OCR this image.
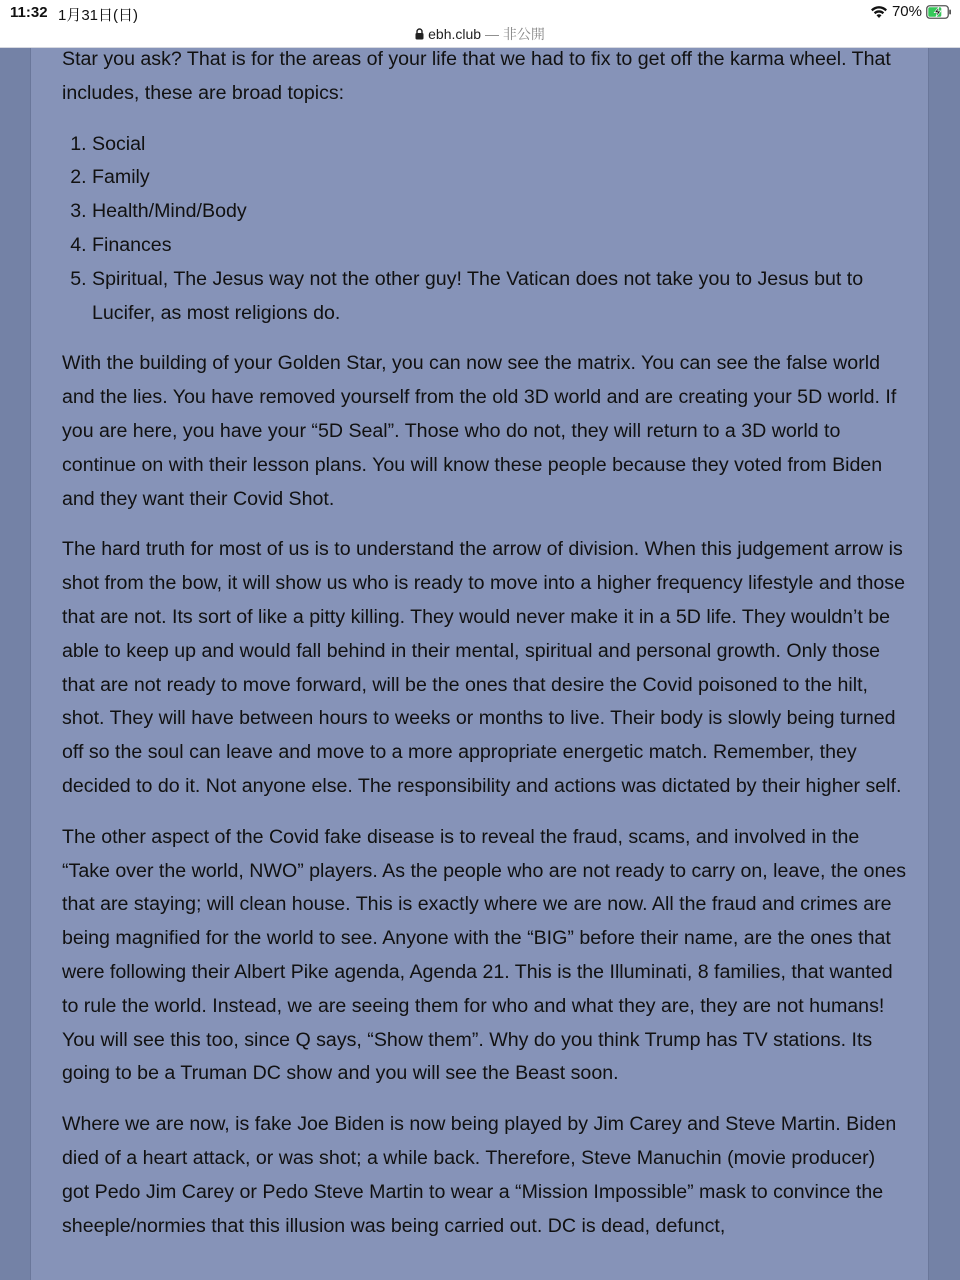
11:32 1月31日(日)	70%
ebh.club — 非公開

Star you ask? That is for the areas of your life that we had to fix to get off the karma wheel. That includes, these are broad topics:

1. Social
2. Family
3. Health/Mind/Body
4. Finances
5. Spiritual, The Jesus way not the other guy! The Vatican does not take you to Jesus but to Lucifer, as most religions do.

With the building of your Golden Star, you can now see the matrix. You can see the false world and the lies. You have removed yourself from the old 3D world and are creating your 5D world. If you are here, you have your “5D Seal”. Those who do not, they will return to a 3D world to continue on with their lesson plans. You will know these people because they voted from Biden and they want their Covid Shot.

The hard truth for most of us is to understand the arrow of division. When this judgement arrow is shot from the bow, it will show us who is ready to move into a higher frequency lifestyle and those that are not. Its sort of like a pitty killing. They would never make it in a 5D life. They wouldn’t be able to keep up and would fall behind in their mental, spiritual and personal growth. Only those that are not ready to move forward, will be the ones that desire the Covid poisoned to the hilt, shot. They will have between hours to weeks or months to live. Their body is slowly being turned off so the soul can leave and move to a more appropriate energetic match. Remember, they decided to do it. Not anyone else. The responsibility and actions was dictated by their higher self.

The other aspect of the Covid fake disease is to reveal the fraud, scams, and involved in the “Take over the world, NWO” players. As the people who are not ready to carry on, leave, the ones that are staying; will clean house. This is exactly where we are now. All the fraud and crimes are being magnified for the world to see. Anyone with the “BIG” before their name, are the ones that were following their Albert Pike agenda, Agenda 21. This is the Illuminati, 8 families, that wanted to rule the world. Instead, we are seeing them for who and what they are, they are not humans! You will see this too, since Q says, “Show them”. Why do you think Trump has TV stations. Its going to be a Truman DC show and you will see the Beast soon.

Where we are now, is fake Joe Biden is now being played by Jim Carey and Steve Martin. Biden died of a heart attack, or was shot; a while back. Therefore, Steve Manuchin (movie producer) got Pedo Jim Carey or Pedo Steve Martin to wear a “Mission Impossible” mask to convince the sheeple/normies that this illusion was being carried out. DC is dead, defunct,
